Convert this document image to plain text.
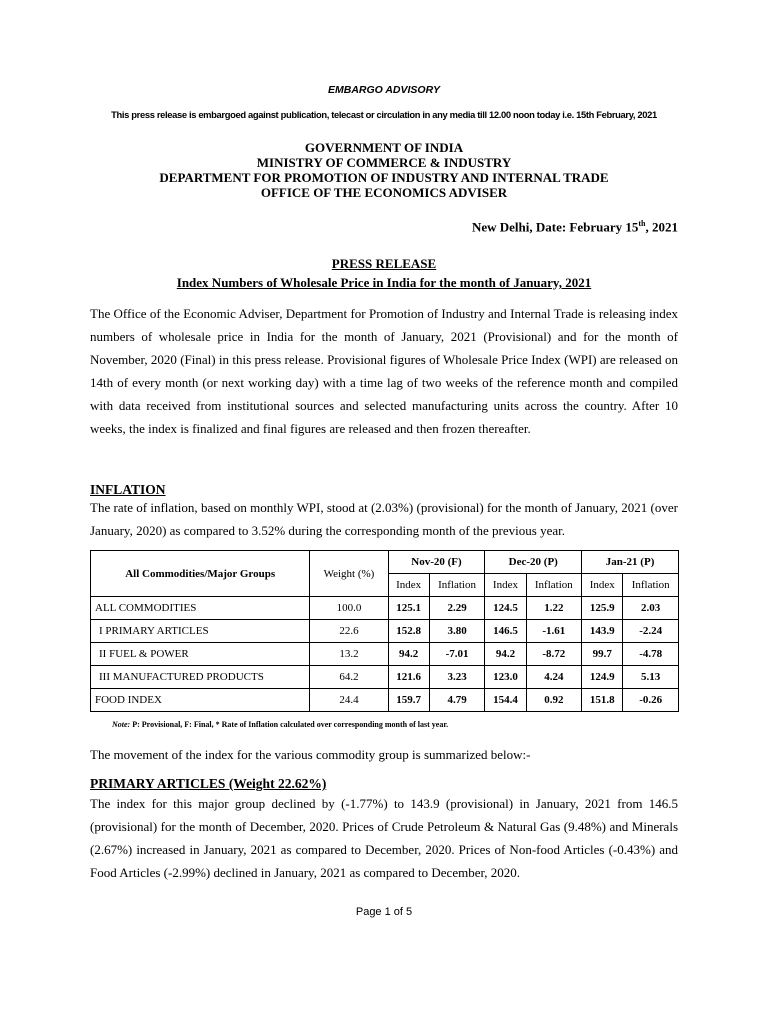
EMBARGO ADVISORY
This press release is embargoed against publication, telecast or circulation in any media till 12.00 noon today i.e. 15th February, 2021
GOVERNMENT OF INDIA
MINISTRY OF COMMERCE & INDUSTRY
DEPARTMENT FOR PROMOTION OF INDUSTRY AND INTERNAL TRADE
OFFICE OF THE ECONOMICS ADVISER
New Delhi, Date: February 15th, 2021
PRESS RELEASE
Index Numbers of Wholesale Price in India for the month of January, 2021
The Office of the Economic Adviser, Department for Promotion of Industry and Internal Trade is releasing index numbers of wholesale price in India for the month of January, 2021 (Provisional) and for the month of November, 2020 (Final) in this press release. Provisional figures of Wholesale Price Index (WPI) are released on 14th of every month (or next working day) with a time lag of two weeks of the reference month and compiled with data received from institutional sources and selected manufacturing units across the country. After 10 weeks, the index is finalized and final figures are released and then frozen thereafter.
INFLATION
The rate of inflation, based on monthly WPI, stood at (2.03%) (provisional) for the month of January, 2021 (over January, 2020) as compared to 3.52% during the corresponding month of the previous year.
All Commodities/Major Groups	Weight (%)	Nov-20 (F)		Dec-20 (P)		Jan-21 (P)	
		Index	Inflation	Index	Inflation	Index	Inflation
ALL COMMODITIES	100.0	125.1	2.29	124.5	1.22	125.9	2.03
I PRIMARY ARTICLES	22.6	152.8	3.80	146.5	-1.61	143.9	-2.24
II FUEL & POWER	13.2	94.2	-7.01	94.2	-8.72	99.7	-4.78
III MANUFACTURED PRODUCTS	64.2	121.6	3.23	123.0	4.24	124.9	5.13
FOOD INDEX	24.4	159.7	4.79	154.4	0.92	151.8	-0.26
Note: P: Provisional, F: Final, * Rate of Inflation calculated over corresponding month of last year.
The movement of the index for the various commodity group is summarized below:-
PRIMARY ARTICLES (Weight 22.62%)
The index for this major group declined by (-1.77%) to 143.9 (provisional) in January, 2021 from 146.5 (provisional) for the month of December, 2020. Prices of Crude Petroleum & Natural Gas (9.48%) and Minerals (2.67%) increased in January, 2021 as compared to December, 2020. Prices of Non-food Articles (-0.43%) and Food Articles (-2.99%) declined in January, 2021 as compared to December, 2020.
Page 1 of 5
